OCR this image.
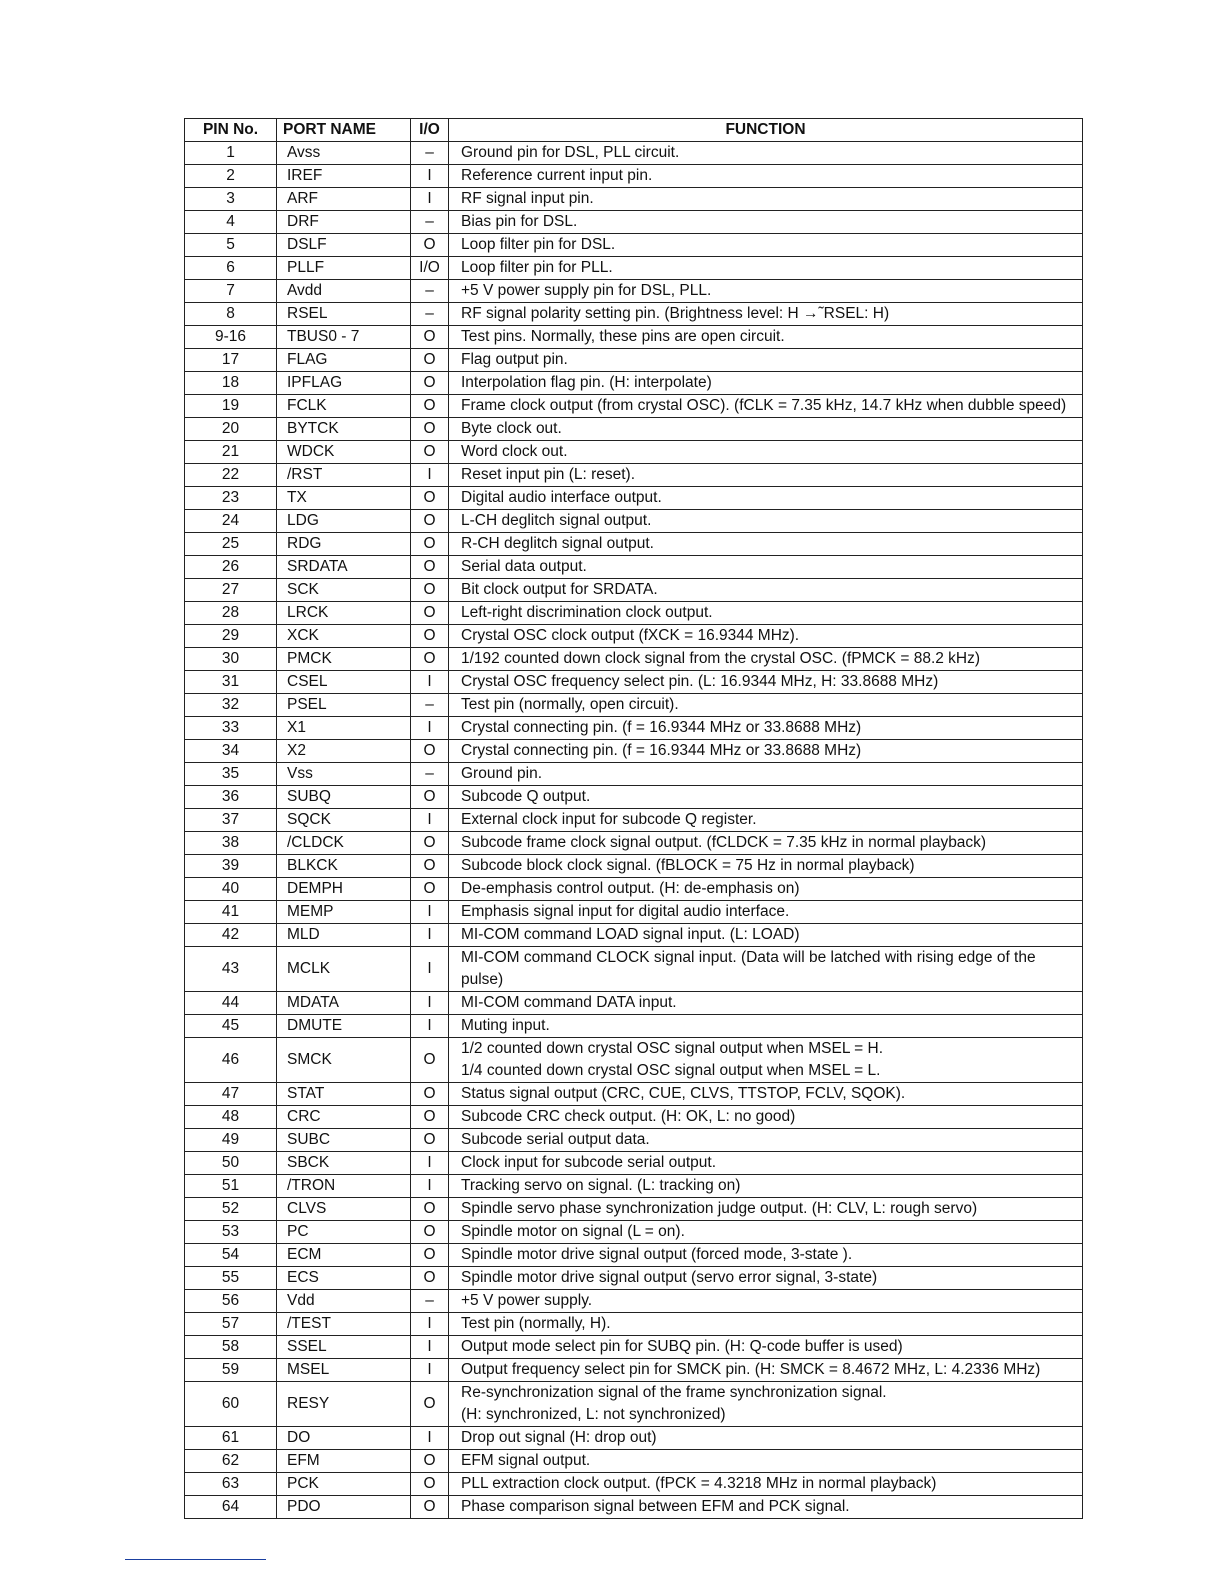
PIN No.	PORT NAME	I/O	FUNCTION
1	Avss	–	Ground pin for DSL, PLL circuit.
2	IREF	I	Reference current input pin.
3	ARF	I	RF signal input pin.
4	DRF	–	Bias pin for DSL.
5	DSLF	O	Loop filter pin for DSL.
6	PLLF	I/O	Loop filter pin for PLL.
7	Avdd	–	+5 V power supply pin for DSL, PLL.
8	RSEL	–	RF signal polarity setting pin. (Brightness level: H →˜RSEL: H)
9-16	TBUS0 - 7	O	Test pins. Normally, these pins are open circuit.
17	FLAG	O	Flag output pin.
18	IPFLAG	O	Interpolation flag pin. (H: interpolate)
19	FCLK	O	Frame clock output (from crystal OSC). (fCLK = 7.35 kHz, 14.7 kHz when dubble speed)
20	BYTCK	O	Byte clock out.
21	WDCK	O	Word clock out.
22	/RST	I	Reset input pin (L: reset).
23	TX	O	Digital audio interface output.
24	LDG	O	L-CH deglitch signal output.
25	RDG	O	R-CH deglitch signal output.
26	SRDATA	O	Serial data output.
27	SCK	O	Bit clock output for SRDATA.
28	LRCK	O	Left-right discrimination clock output.
29	XCK	O	Crystal OSC clock output (fXCK = 16.9344 MHz).
30	PMCK	O	1/192 counted down clock signal from the crystal OSC. (fPMCK = 88.2 kHz)
31	CSEL	I	Crystal OSC frequency select pin. (L: 16.9344 MHz, H: 33.8688 MHz)
32	PSEL	–	Test pin (normally, open circuit).
33	X1	I	Crystal connecting pin. (f = 16.9344 MHz or 33.8688 MHz)
34	X2	O	Crystal connecting pin. (f = 16.9344 MHz or 33.8688 MHz)
35	Vss	–	Ground pin.
36	SUBQ	O	Subcode Q output.
37	SQCK	I	External clock input for subcode Q register.
38	/CLDCK	O	Subcode frame clock signal output. (fCLDCK = 7.35 kHz in normal playback)
39	BLKCK	O	Subcode block clock signal. (fBLOCK = 75 Hz in normal playback)
40	DEMPH	O	De-emphasis control output. (H: de-emphasis on)
41	MEMP	I	Emphasis signal input for digital audio interface.
42	MLD	I	MI-COM command LOAD signal input. (L: LOAD)
43	MCLK	I	MI-COM command CLOCK signal input. (Data will be latched with rising edge of the
pulse)
44	MDATA	I	MI-COM command DATA input.
45	DMUTE	I	Muting input.
46	SMCK	O	1/2 counted down crystal OSC signal output when MSEL = H.
1/4 counted down crystal OSC signal output when MSEL = L.
47	STAT	O	Status signal output (CRC, CUE, CLVS, TTSTOP, FCLV, SQOK).
48	CRC	O	Subcode CRC check output. (H: OK, L: no good)
49	SUBC	O	Subcode serial output data.
50	SBCK	I	Clock input for subcode serial output.
51	/TRON	I	Tracking servo on signal. (L: tracking on)
52	CLVS	O	Spindle servo phase synchronization judge output. (H: CLV, L: rough servo)
53	PC	O	Spindle motor on signal (L = on).
54	ECM	O	Spindle motor drive signal output (forced mode, 3-state ).
55	ECS	O	Spindle motor drive signal output (servo error signal, 3-state)
56	Vdd	–	+5 V power supply.
57	/TEST	I	Test pin (normally, H).
58	SSEL	I	Output mode select pin for SUBQ pin. (H: Q-code buffer is used)
59	MSEL	I	Output frequency select pin for SMCK pin. (H: SMCK = 8.4672 MHz, L: 4.2336 MHz)
60	RESY	O	Re-synchronization signal of the frame synchronization signal.
(H: synchronized, L: not synchronized)
61	DO	I	Drop out signal (H: drop out)
62	EFM	O	EFM signal output.
63	PCK	O	PLL extraction clock output. (fPCK = 4.3218 MHz in normal playback)
64	PDO	O	Phase comparison signal between EFM and PCK signal.
